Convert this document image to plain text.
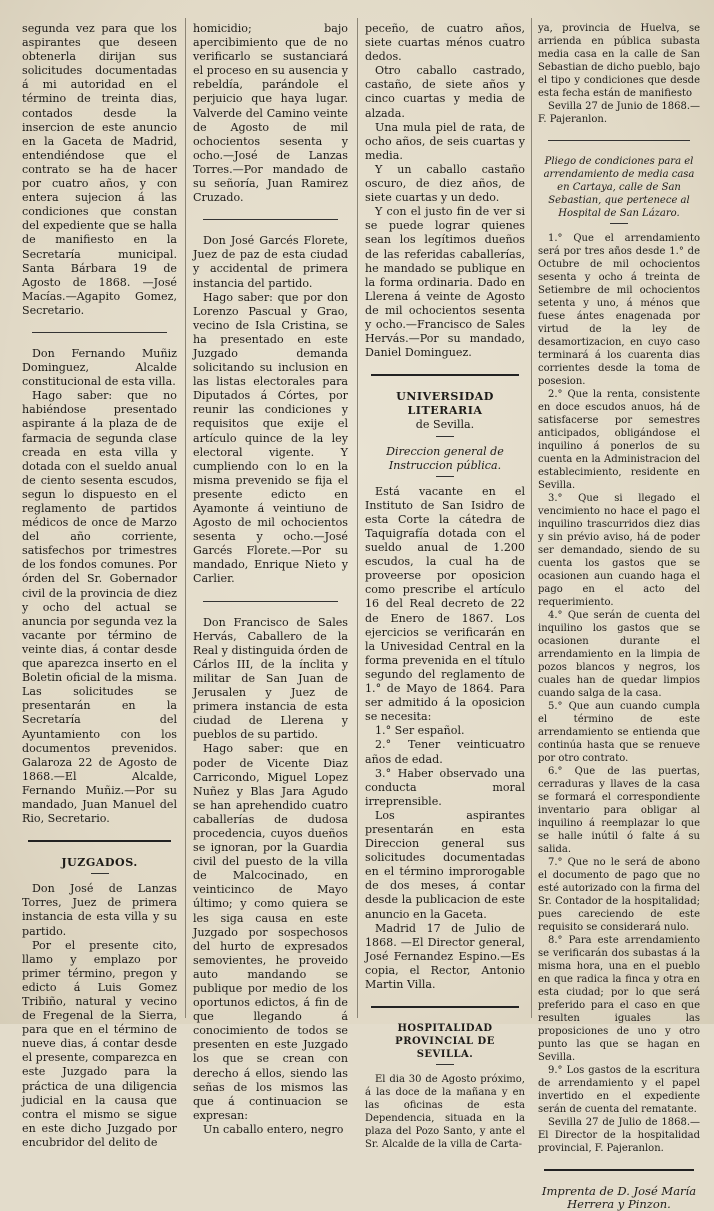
segunda vez para que los aspirantes que deseen obtenerla dirijan sus solicitudes documentadas á mi autoridad en el término de treinta dias, contados desde la insercion de este anuncio en la Gaceta de Madrid, entendiéndose que el contrato se ha de hacer por cuatro años, y con entera sujecion á las condiciones que constan del expediente que se halla de manifiesto en la Secretaría municipal. Santa Bárbara 19 de Agosto de 1868. —José Macías.—Agapito Gomez, Secretario.

Don Fernando Muñiz Dominguez, Alcalde constitucional de esta villa.

Hago saber: que no habiéndose presentado aspirante á la plaza de de farmacia de segunda clase creada en esta villa y dotada con el sueldo anual de ciento sesenta escudos, segun lo dispuesto en el reglamento de partidos médicos de once de Marzo del año corriente, satisfechos por trimestres de los fondos comunes. Por órden del Sr. Gobernador civil de la provincia de diez y ocho del actual se anuncia por segunda vez la vacante por término de veinte dias, á contar desde que aparezca inserto en el Boletin oficial de la misma. Las solicitudes se presentarán en la Secretaría del Ayuntamiento con los documentos prevenidos. Galaroza 22 de Agosto de 1868.—El Alcalde, Fernando Muñiz.—Por su mandado, Juan Manuel del Rio, Secretario.

JUZGADOS.

Don José de Lanzas Torres, Juez de primera instancia de esta villa y su partido.

Por el presente cito, llamo y emplazo por primer término, pregon y edicto á Luis Gomez Tribiño, natural y vecino de Fregenal de la Sierra, para que en el término de nueve dias, á contar desde el presente, comparezca en este Juzgado para la práctica de una diligencia judicial en la causa que contra el mismo se sigue en este dicho Juzgado por encubridor del delito de

homicidio; bajo apercibimiento que de no verificarlo se sustanciará el proceso en su ausencia y rebeldía, parándole el perjuicio que haya lugar. Valverde del Camino veinte de Agosto de mil ochocientos sesenta y ocho.—José de Lanzas Torres.—Por mandado de su señoría, Juan Ramirez Cruzado.

Don José Garcés Florete, Juez de paz de esta ciudad y accidental de primera instancia del partido.

Hago saber: que por don Lorenzo Pascual y Grao, vecino de Isla Cristina, se ha presentado en este Juzgado demanda solicitando su inclusion en las listas electorales para Diputados á Córtes, por reunir las condiciones y requisitos que exije el artículo quince de la ley electoral vigente. Y cumpliendo con lo en la misma prevenido se fija el presente edicto en Ayamonte á veintiuno de Agosto de mil ochocientos sesenta y ocho.—José Garcés Florete.—Por su mandado, Enrique Nieto y Carlier.

Don Francisco de Sales Hervás, Caballero de la Real y distinguida órden de Cárlos III, de la ínclita y militar de San Juan de Jerusalen y Juez de primera instancia de esta ciudad de Llerena y pueblos de su partido.

Hago saber: que en poder de Vicente Diaz Carricondo, Miguel Lopez Nuñez y Blas Jara Agudo se han aprehendido cuatro caballerías de dudosa procedencia, cuyos dueños se ignoran, por la Guardia civil del puesto de la villa de Malcocinado, en veinticinco de Mayo último; y como quiera se les siga causa en este Juzgado por sospechosos del hurto de expresados semovientes, he proveido auto mandando se publique por medio de los oportunos edictos, á fin de que llegando á conocimiento de todos se presenten en este Juzgado los que se crean con derecho á ellos, siendo las señas de los mismos las que á continuacion se expresan:

Un caballo entero, negro

peceño, de cuatro años, siete cuartas ménos cuatro dedos.

Otro caballo castrado, castaño, de siete años y cinco cuartas y media de alzada.

Una mula piel de rata, de ocho años, de seis cuartas y media.

Y un caballo castaño oscuro, de diez años, de siete cuartas y un dedo.

Y con el justo fin de ver si se puede lograr quienes sean los legítimos dueños de las referidas caballerías, he mandado se publique en la forma ordinaria. Dado en Llerena á veinte de Agosto de mil ochocientos sesenta y ocho.—Francisco de Sales Hervás.—Por su mandado, Daniel Dominguez.

UNIVERSIDAD LITERARIA
de Sevilla.

Direccion general de Instruccion pública.

Está vacante en el Instituto de San Isidro de esta Corte la cátedra de Taquigrafía dotada con el sueldo anual de 1.200 escudos, la cual ha de proveerse por oposicion como prescribe el artículo 16 del Real decreto de 22 de Enero de 1867. Los ejercicios se verificarán en la Univesidad Central en la forma prevenida en el título segundo del reglamento de 1.° de Mayo de 1864. Para ser admitido á la oposicion se necesita:

1.° Ser español.

2.° Tener veinticuatro años de edad.

3.° Haber observado una conducta moral irreprensible.

Los aspirantes presentarán en esta Direccion general sus solicitudes documentadas en el término improrogable de dos meses, á contar desde la publicacion de este anuncio en la Gaceta.

Madrid 17 de Julio de 1868. —El Director general, José Fernandez Espino.—Es copia, el Rector, Antonio Martin Villa.

HOSPITALIDAD PROVINCIAL DE
SEVILLA.

El dia 30 de Agosto próximo, á las doce de la mañana y en las oficinas de esta Dependencia, situada en la plaza del Pozo Santo, y ante el Sr. Alcalde de la villa de Carta-

ya, provincia de Huelva, se arrienda en pública subasta media casa en la calle de San Sebastian de dicho pueblo, bajo el tipo y condiciones que desde esta fecha están de manifiesto

Sevilla 27 de Junio de 1868.— F. Pajeranlon.

Pliego de condiciones para el arrendamiento de media casa en Cartaya, calle de San Sebastian, que pertenece al Hospital de San Lázaro.

1.° Que el arrendamiento será por tres años desde 1.° de Octubre de mil ochocientos sesenta y ocho á treinta de Setiembre de mil ochocientos setenta y uno, á ménos que fuese ántes enagenada por virtud de la ley de desamortizacion, en cuyo caso terminará á los cuarenta dias corrientes desde la toma de posesion.

2.° Que la renta, consistente en doce escudos anuos, há de satisfacerse por semestres anticipados, obligándose el inquilino á ponerlos de su cuenta en la Administracion del establecimiento, residente en Sevilla.

3.° Que si llegado el vencimiento no hace el pago el inquilino trascurridos diez dias y sin prévio aviso, há de poder ser demandado, siendo de su cuenta los gastos que se ocasionen aun cuando haga el pago en el acto del requerimiento.

4.° Que serán de cuenta del inquilino los gastos que se ocasionen durante el arrendamiento en la limpia de pozos blancos y negros, los cuales han de quedar limpios cuando salga de la casa.

5.° Que aun cuando cumpla el término de este arrendamiento se entienda que continúa hasta que se renueve por otro contrato.

6.° Que de las puertas, cerraduras y llaves de la casa se formará el correspondiente inventario para obligar al inquilino á reemplazar lo que se halle inútil ó falte á su salida.

7.° Que no le será de abono el documento de pago que no esté autorizado con la firma del Sr. Contador de la hospitalidad; pues careciendo de este requisito se considerará nulo.

8.° Para este arrendamiento se verificarán dos subastas á la misma hora, una en el pueblo en que radica la finca y otra en esta ciudad; por lo que será preferido para el caso en que resulten iguales las proposiciones de uno y otro punto las que se hagan en Sevilla.

9.° Los gastos de la escritura de arrendamiento y el papel invertido en el expediente serán de cuenta del rematante.

Sevilla 27 de Julio de 1868.— El Director de la hospitalidad provincial, F. Pajeranlon.

Imprenta de D. José María Herrera y Pinzon.
